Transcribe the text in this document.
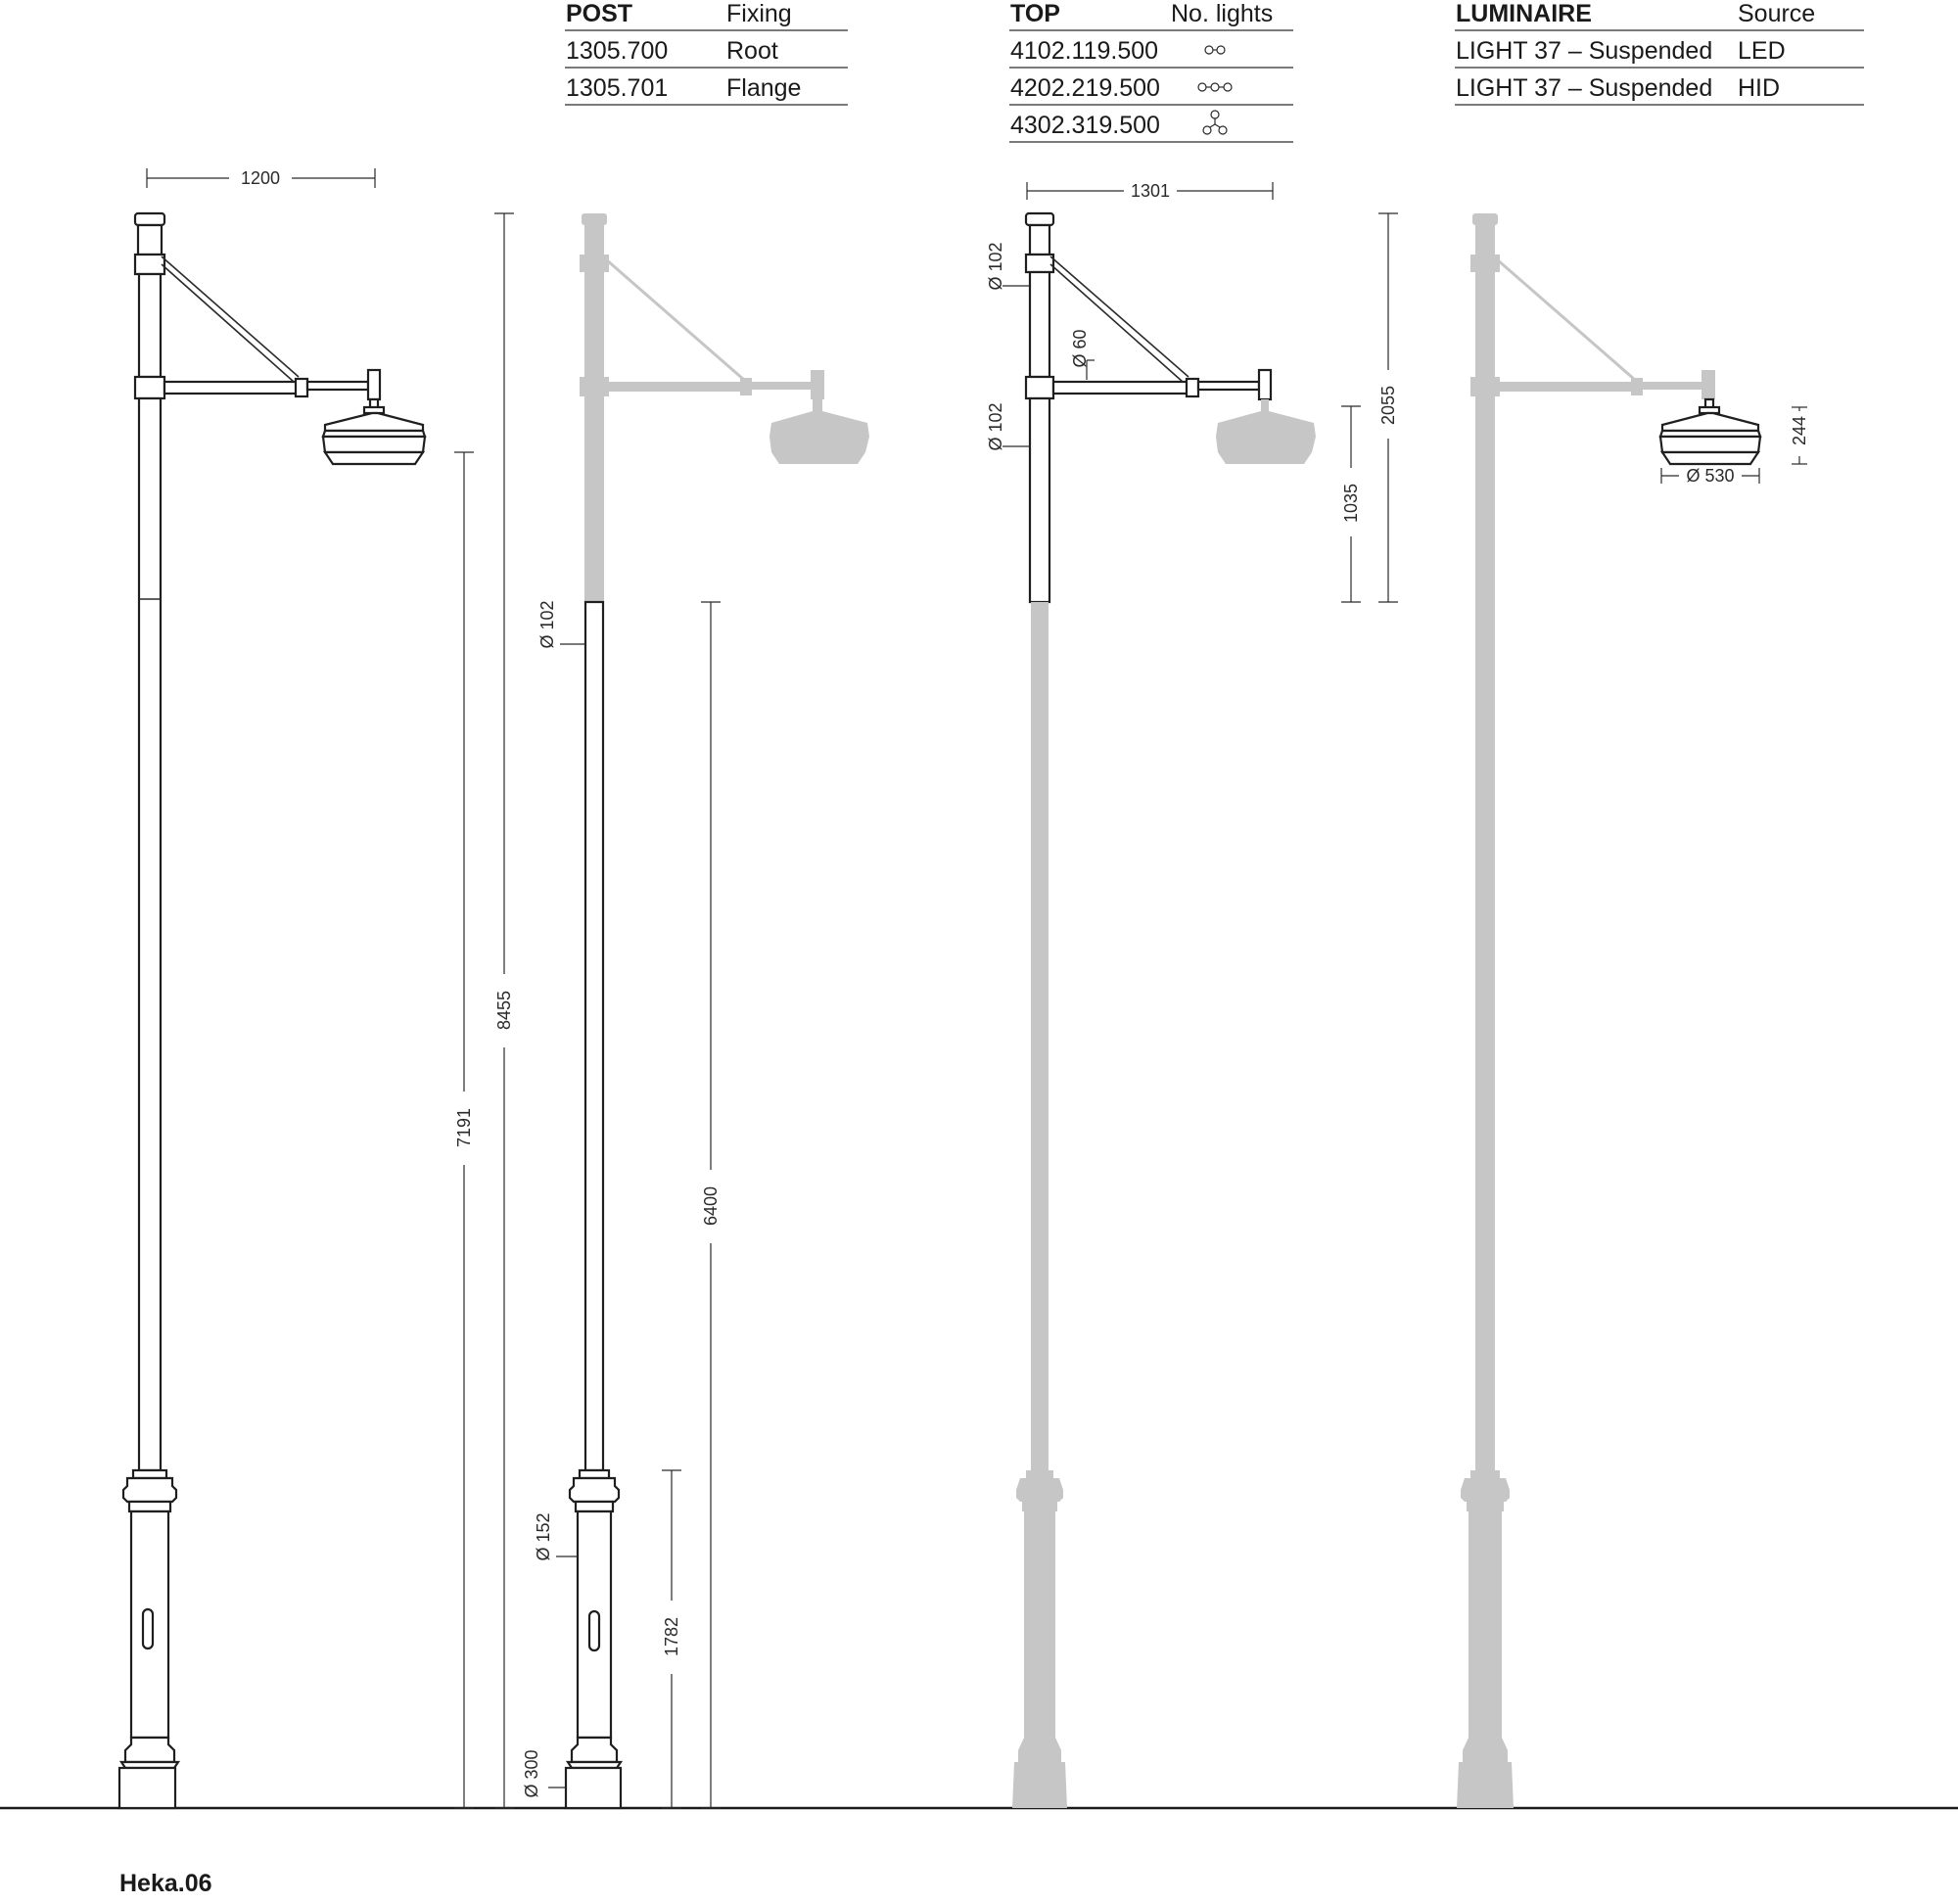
POST	Fixing
1305.700 Root
1305.701 Flange
TOP	No. lights
4102.119.500
4202.219.500
4302.319.500
LUMINAIRE	Source
LIGHT 37 – Suspended LED
LIGHT 37 – Suspended HID
1200
8455
7191
Ø 102
Ø 152
Ø 300
6400
1782
1301
Ø 102
Ø 102
Ø 60
2055
1035
244
Ø 530
Heka.06
